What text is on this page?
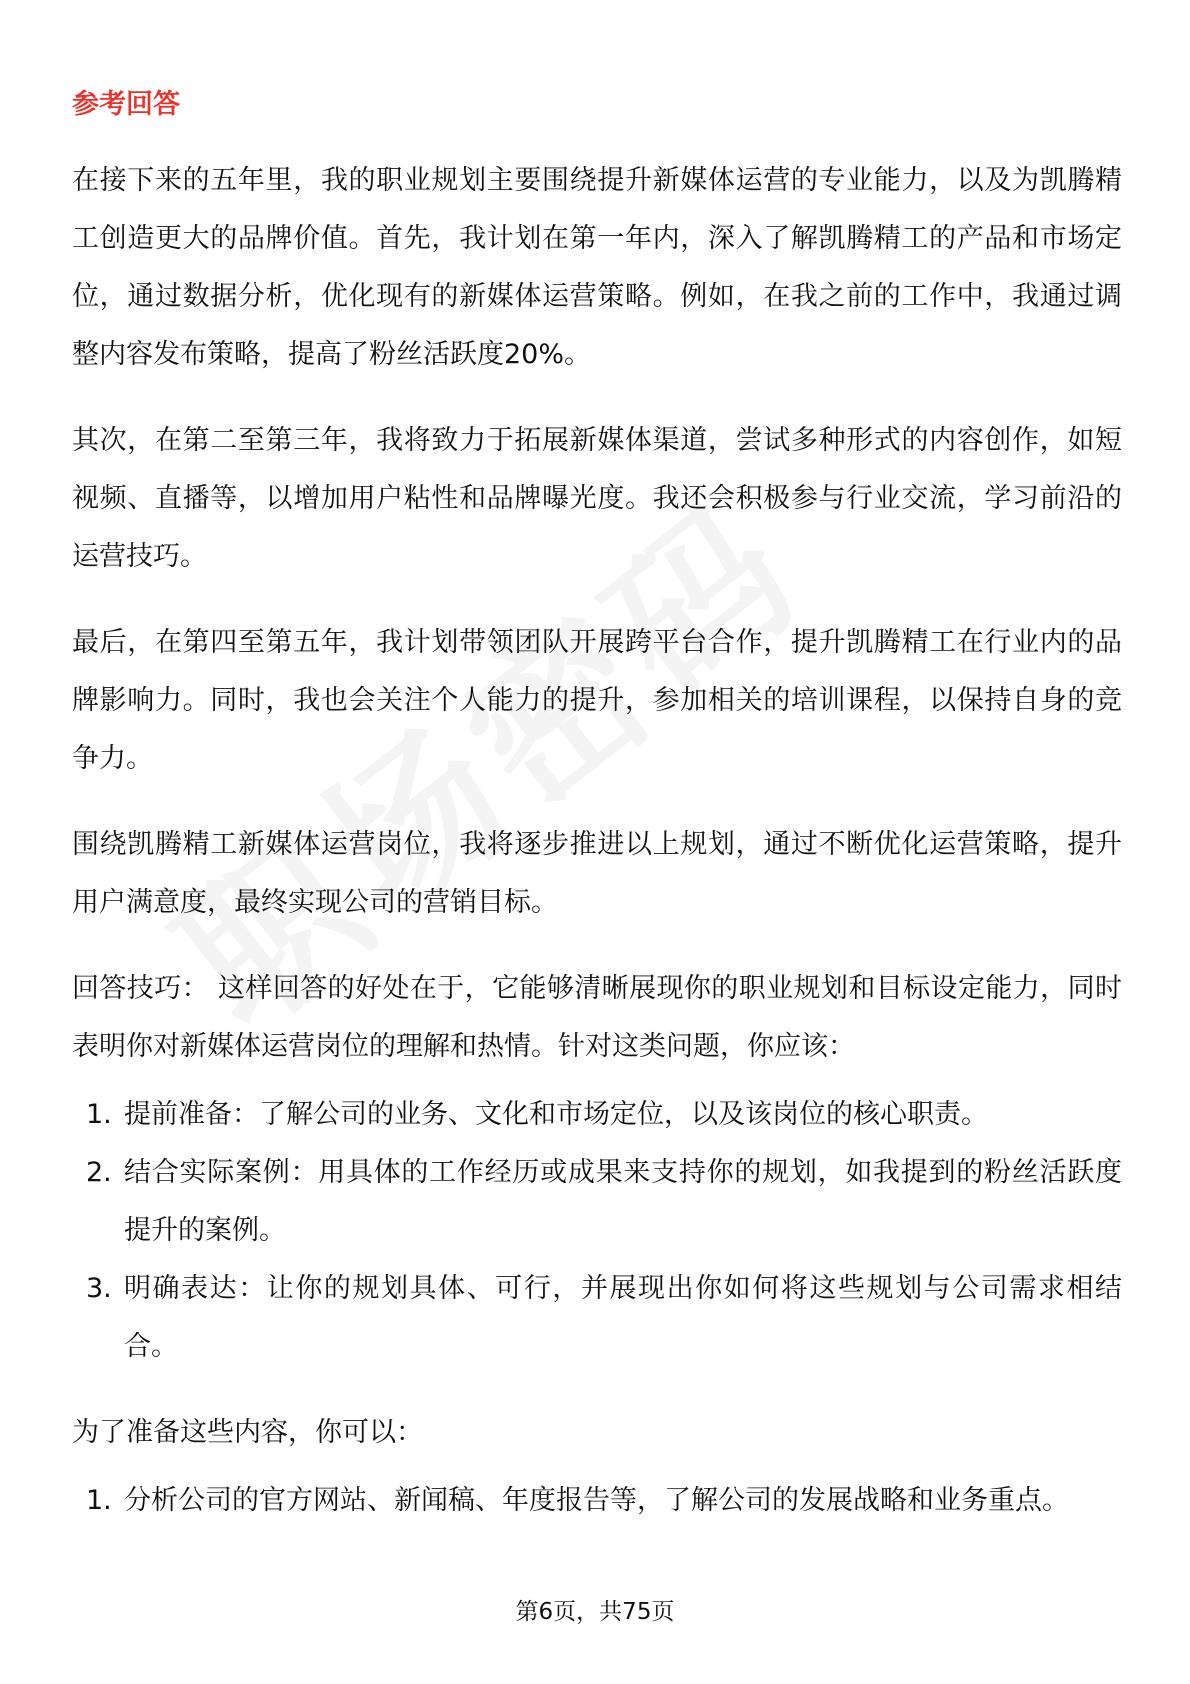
参考回答

在接下来的五年里，我的职业规划主要围绕提升新媒体运营的专业能力，以及为凯腾精工创造更大的品牌价值。首先，我计划在第一年内，深入了解凯腾精工的产品和市场定位，通过数据分析，优化现有的新媒体运营策略。例如，在我之前的工作中，我通过调整内容发布策略，提高了粉丝活跃度20%。

其次，在第二至第三年，我将致力于拓展新媒体渠道，尝试多种形式的内容创作，如短视频、直播等，以增加用户粘性和品牌曝光度。我还会积极参与行业交流，学习前沿的运营技巧。

最后，在第四至第五年，我计划带领团队开展跨平台合作，提升凯腾精工在行业内的品牌影响力。同时，我也会关注个人能力的提升，参加相关的培训课程，以保持自身的竞争力。

围绕凯腾精工新媒体运营岗位，我将逐步推进以上规划，通过不断优化运营策略，提升用户满意度，最终实现公司的营销目标。

回答技巧： 这样回答的好处在于，它能够清晰展现你的职业规划和目标设定能力，同时表明你对新媒体运营岗位的理解和热情。针对这类问题，你应该：

1. 提前准备：了解公司的业务、文化和市场定位，以及该岗位的核心职责。
2. 结合实际案例：用具体的工作经历或成果来支持你的规划，如我提到的粉丝活跃度提升的案例。
3. 明确表达：让你的规划具体、可行，并展现出你如何将这些规划与公司需求相结合。

为了准备这些内容，你可以：

1. 分析公司的官方网站、新闻稿、年度报告等，了解公司的发展战略和业务重点。
第6页，共75页
